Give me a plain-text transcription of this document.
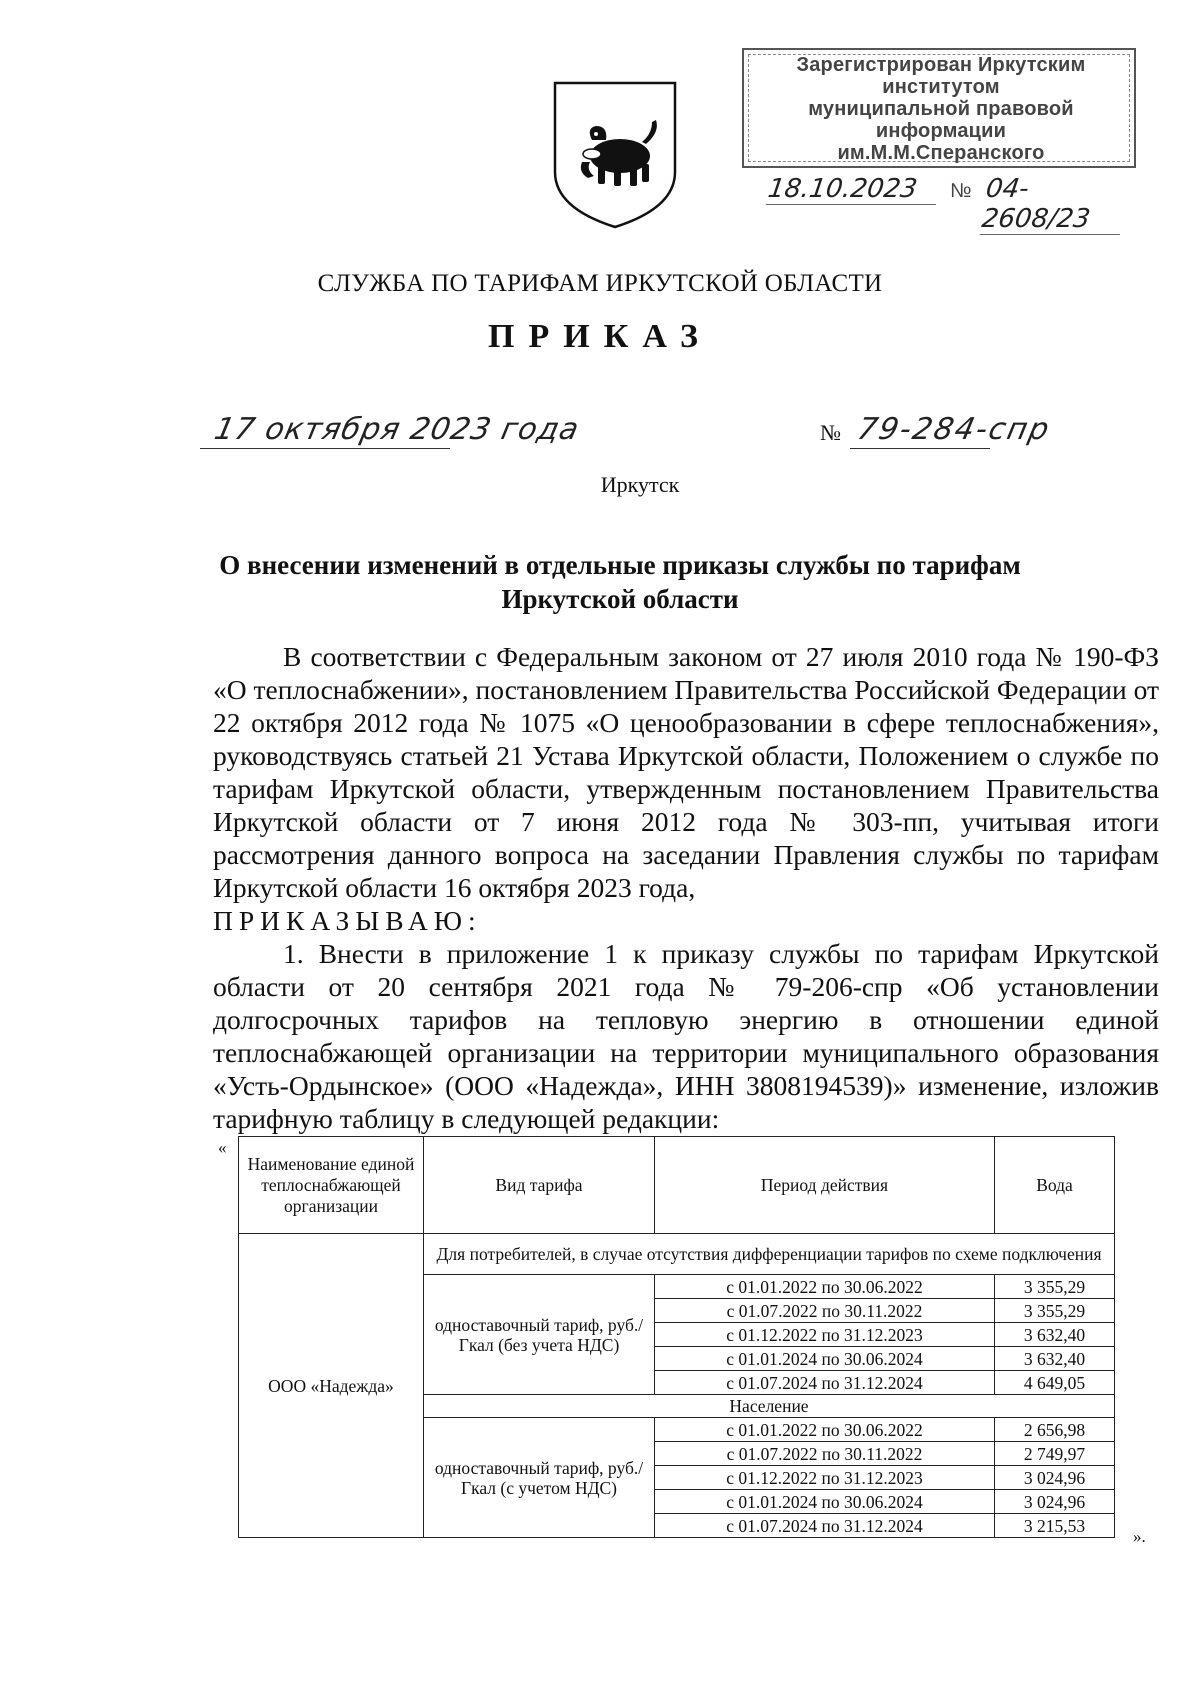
Зарегистрирован Иркутским институтом
муниципальной правовой информации
им.М.М.Сперанского
18.10.2023	№ 04-2608/23
СЛУЖБА ПО ТАРИФАМ ИРКУТСКОЙ ОБЛАСТИ
ПРИКАЗ
17 октября 2023 года	№ 79-284-спр
Иркутск
О внесении изменений в отдельные приказы службы по тарифам Иркутской области

В соответствии с Федеральным законом от 27 июля 2010 года № 190-ФЗ «О теплоснабжении», постановлением Правительства Российской Федерации от 22 октября 2012 года № 1075 «О ценообразовании в сфере теплоснабжения», руководствуясь статьей 21 Устава Иркутской области, Положением о службе по тарифам Иркутской области, утвержденным постановлением Правительства Иркутской области от 7 июня 2012 года № 303-пп, учитывая итоги рассмотрения данного вопроса на заседании Правления службы по тарифам Иркутской области 16 октября 2023 года,

ПРИКАЗЫВАЮ:

1. Внести в приложение 1 к приказу службы по тарифам Иркутской области от 20 сентября 2021 года № 79-206-спр «Об установлении долгосрочных тарифов на тепловую энергию в отношении единой теплоснабжающей организации на территории муниципального образования «Усть-Ордынское» (ООО «Надежда», ИНН 3808194539)» изменение, изложив тарифную таблицу в следующей редакции:

«
Наименование единой теплоснабжающей организации	Вид тарифа	Период действия	Вода
ООО «Надежда»	Для потребителей, в случае отсутствия дифференциации тарифов по схеме подключения		
	одноставочный тариф, руб./Гкал (без учета НДС)	с 01.01.2022 по 30.06.2022	3 355,29
		с 01.07.2022 по 30.11.2022	3 355,29
		с 01.12.2022 по 31.12.2023	3 632,40
		с 01.01.2024 по 30.06.2024	3 632,40
		с 01.07.2024 по 31.12.2024	4 649,05
	Население		
	одноставочный тариф, руб./Гкал (с учетом НДС)	с 01.01.2022 по 30.06.2022	2 656,98
		с 01.07.2022 по 30.11.2022	2 749,97
		с 01.12.2022 по 31.12.2023	3 024,96
		с 01.01.2024 по 30.06.2024	3 024,96
		с 01.07.2024 по 31.12.2024	3 215,53
».
